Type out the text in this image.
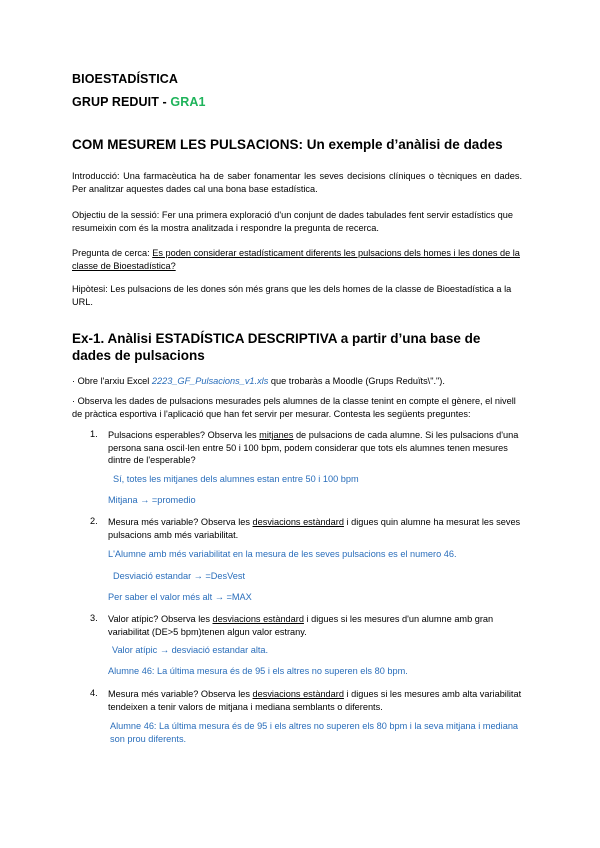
BIOESTADÍSTICA
GRUP REDUIT - GRA1
COM MESUREM LES PULSACIONS: Un exemple d’anàlisi de dades
Introducció: Una farmacèutica ha de saber fonamentar les seves decisions clíniques o tècniques en dades. Per analitzar aquestes dades cal una bona base estadística.
Objectiu de la sessió: Fer una primera exploració d'un conjunt de dades tabulades fent servir estadístics que resumeixin com és la mostra analitzada i respondre la pregunta de recerca.
Pregunta de cerca: Es poden considerar estadísticament diferents les pulsacions dels homes i les dones de la classe de Bioestadística?
Hipòtesi: Les pulsacions de les dones són més grans que les dels homes de la classe de Bioestadística a la URL.
Ex-1. Anàlisi ESTADÍSTICA DESCRIPTIVA a partir d’una base de dades de pulsacions
· Obre l'arxiu Excel 2223_GF_Pulsacions_v1.xls que trobaràs a Moodle (Grups Reduïts\".").
· Observa les dades de pulsacions mesurades pels alumnes de la classe tenint en compte el gènere, el nivell de pràctica esportiva i l'aplicació que han fet servir per mesurar. Contesta les següents preguntes:
1. Pulsacions esperables? Observa les mitjanes de pulsacions de cada alumne. Si les pulsacions d'una persona sana oscil·len entre 50 i 100 bpm, podem considerar que tots els alumnes tenen mesures dintre de l'esperable?
Sí, totes les mitjanes dels alumnes estan entre 50 i 100 bpm
Mitjana → =promedio
2. Mesura més variable? Observa les desviacions estàndard i digues quin alumne ha mesurat les seves pulsacions amb més variabilitat.
L'Alumne amb més variabilitat en la mesura de les seves pulsacions es el numero 46.
Desviació estandar → =DesVest
Per saber el valor més alt → =MAX
3. Valor atípic? Observa les desviacions estàndard i digues si les mesures d'un alumne amb gran variabilitat (DE>5 bpm)tenen algun valor estrany.
Valor atípic → desviació estandar alta.
Alumne 46: La última mesura és de 95 i els altres no superen els 80 bpm.
4. Mesura més variable? Observa les desviacions estàndard i digues si les mesures amb alta variabilitat tendeixen a tenir valors de mitjana i mediana semblants o diferents.
Alumne 46: La última mesura és de 95 i els altres no superen els 80 bpm i la seva mitjana i mediana son prou diferents.
